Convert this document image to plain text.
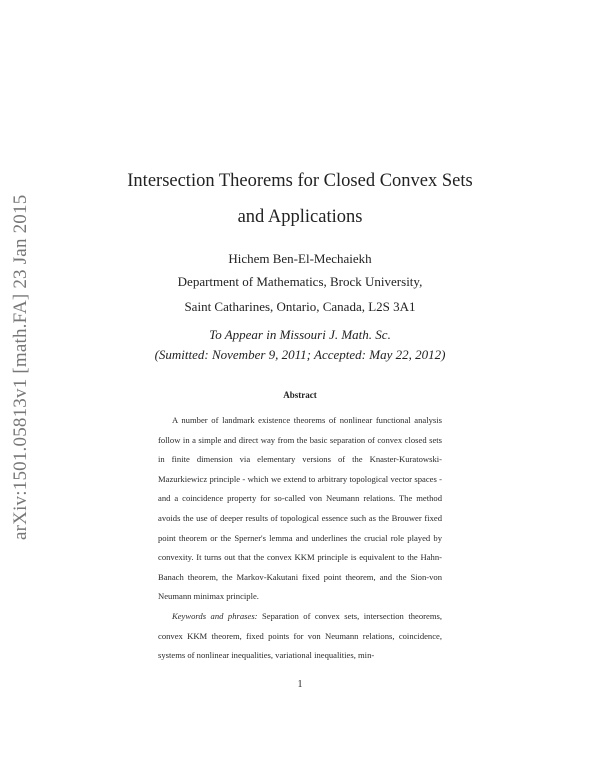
arXiv:1501.05813v1 [math.FA] 23 Jan 2015
Intersection Theorems for Closed Convex Sets
and Applications
Hichem Ben-El-Mechaiekh
Department of Mathematics, Brock University,
Saint Catharines, Ontario, Canada, L2S 3A1
To Appear in Missouri J. Math. Sc.
(Sumitted: November 9, 2011; Accepted: May 22, 2012)
Abstract

A number of landmark existence theorems of nonlinear functional analysis follow in a simple and direct way from the basic separation of convex closed sets in finite dimension via elementary versions of the Knaster-Kuratowski-Mazurkiewicz principle - which we extend to arbitrary topological vector spaces - and a coincidence property for so-called von Neumann relations. The method avoids the use of deeper results of topological essence such as the Brouwer fixed point theorem or the Sperner's lemma and underlines the crucial role played by convexity. It turns out that the convex KKM principle is equivalent to the Hahn-Banach theorem, the Markov-Kakutani fixed point theorem, and the Sion-von Neumann minimax principle.

Keywords and phrases: Separation of convex sets, intersection theorems, convex KKM theorem, fixed points for von Neumann relations, coincidence, systems of nonlinear inequalities, variational inequalities, min-

1
